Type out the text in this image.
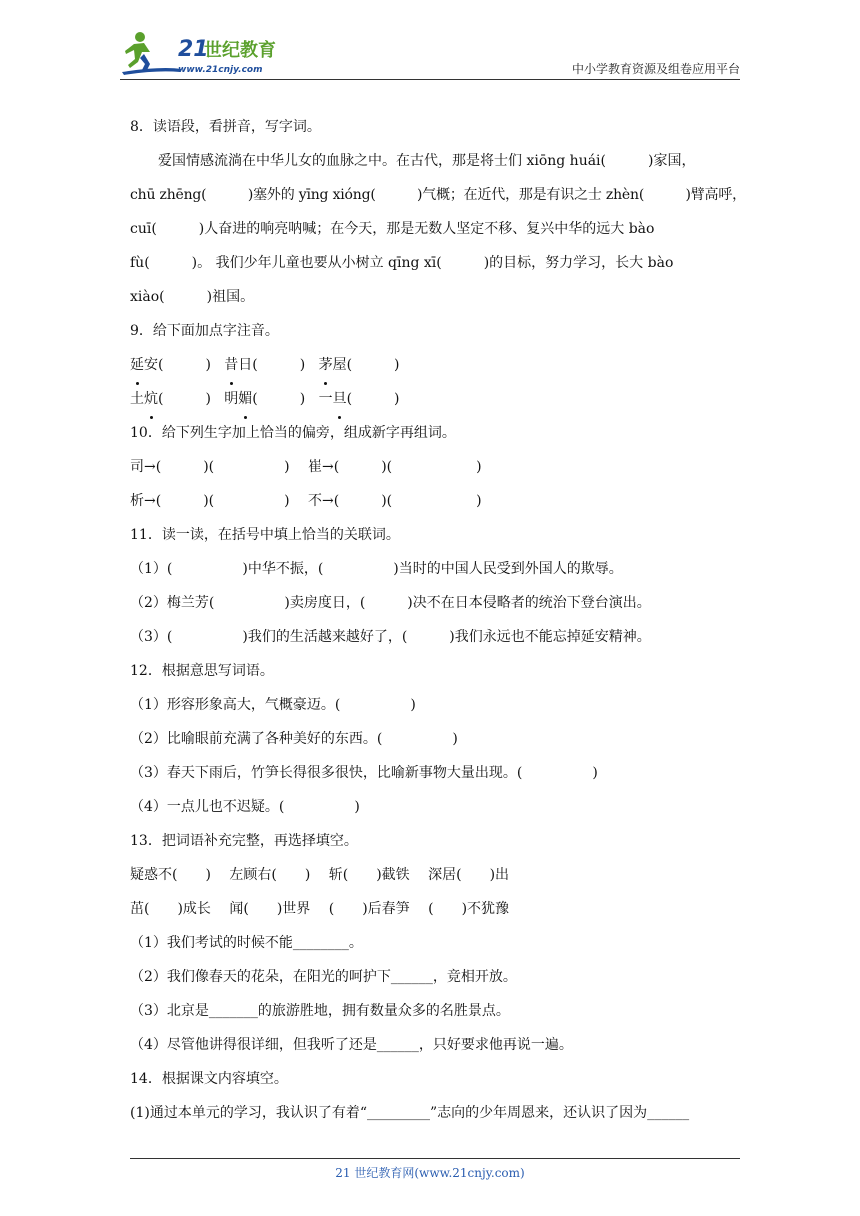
21
世纪教育
www.21cnjy.com	中小学教育资源及组卷应用平台
8．读语段，看拼音，写字词。
爱国情感流淌在中华儿女的血脉之中。在古代，那是将士们 xiōng huái(　　　)家国，
chū zhēng(　　　)塞外的 yīng xióng(　　　)气概；在近代，那是有识之士 zhèn(　　　)臂高呼，
cuī(　　　)人奋进的响亮呐喊；在今天，那是无数人坚定不移、复兴中华的远大 bào
fù(　　　)。 我们少年儿童也要从小树立 qīng xī(　　　)的目标，努力学习，长大 bào
xiào(　　　)祖国。
9．给下面加点字注音。
延安(　　　) 昔日(　　　) 茅屋(　　　)
土炕(　　　) 明媚(　　　) 一旦(　　　)
10．给下列生字加上恰当的偏旁，组成新字再组词。
司→(　　　)(　　　　　)　 崔→(　　　)(　　　　　　)
析→(　　　)(　　　　　)　 不→(　　　)(　　　　　　)
11．读一读，在括号中填上恰当的关联词。
（1）(　　　　　)中华不振，(　　　　　)当时的中国人民受到外国人的欺辱。
（2）梅兰芳(　　　　　)卖房度日，(　　　)决不在日本侵略者的统治下登台演出。
（3）(　　　　　)我们的生活越来越好了，(　　　)我们永远也不能忘掉延安精神。
12．根据意思写词语。
（1）形容形象高大，气概豪迈。(　　　　　)
（2）比喻眼前充满了各种美好的东西。(　　　　　)
（3）春天下雨后，竹笋长得很多很快，比喻新事物大量出现。(　　　　　)
（4）一点儿也不迟疑。(　　　　　)
13．把词语补充完整，再选择填空。
疑惑不(　　)　 左顾右(　　)　 斩(　　)截铁　 深居(　　)出
茁(　　)成长　 闻(　　)世界　 (　　)后春笋　 (　　)不犹豫
（1）我们考试的时候不能________。
（2）我们像春天的花朵，在阳光的呵护下______，竞相开放。
（3）北京是_______的旅游胜地，拥有数量众多的名胜景点。
（4）尽管他讲得很详细，但我听了还是______，只好要求他再说一遍。
14．根据课文内容填空。
(1)通过本单元的学习，我认识了有着“_________”志向的少年周恩来，还认识了因为______
21 世纪教育网(www.21cnjy.com)
